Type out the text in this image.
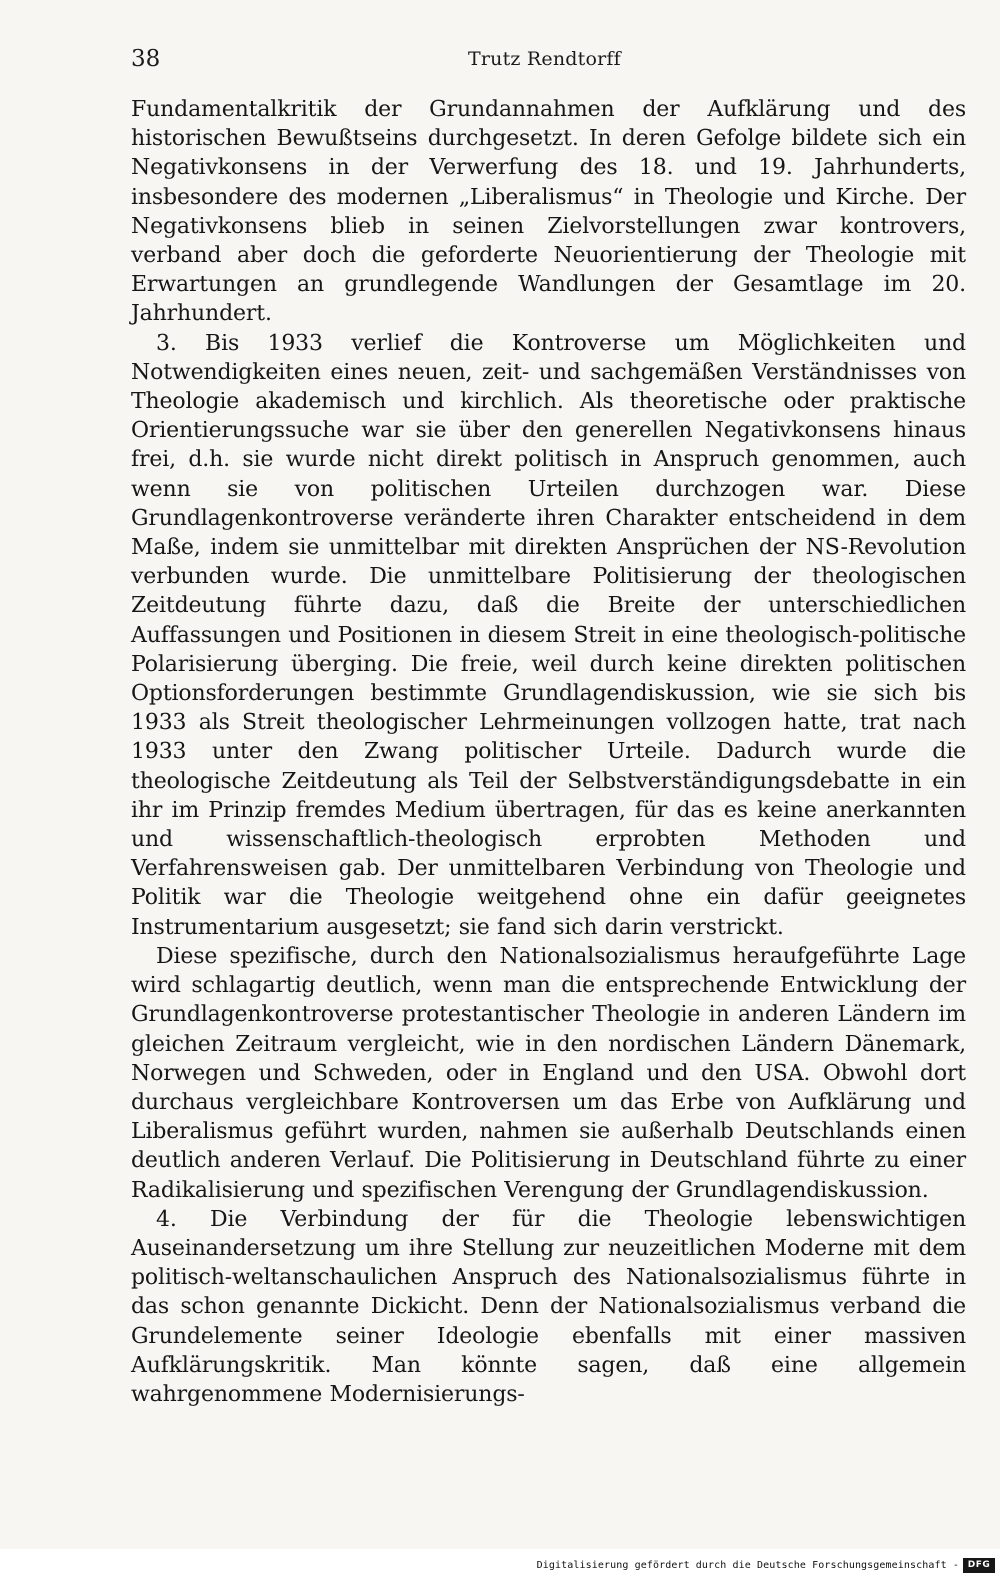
38	Trutz Rendtorff

Fundamentalkritik der Grundannahmen der Aufklärung und des historischen Bewußtseins durchgesetzt. In deren Gefolge bildete sich ein Negativkonsens in der Verwerfung des 18. und 19. Jahrhunderts, insbesondere des modernen „Liberalismus“ in Theologie und Kirche. Der Negativkonsens blieb in seinen Zielvorstellungen zwar kontrovers, verband aber doch die geforderte Neuorientierung der Theologie mit Erwartungen an grundlegende Wandlungen der Gesamtlage im 20. Jahrhundert.

3. Bis 1933 verlief die Kontroverse um Möglichkeiten und Notwendigkeiten eines neuen, zeit- und sachgemäßen Verständnisses von Theologie akademisch und kirchlich. Als theoretische oder praktische Orientierungssuche war sie über den generellen Negativkonsens hinaus frei, d.h. sie wurde nicht direkt politisch in Anspruch genommen, auch wenn sie von politischen Urteilen durchzogen war. Diese Grundlagenkontroverse veränderte ihren Charakter entscheidend in dem Maße, indem sie unmittelbar mit direkten Ansprüchen der NS-Revolution verbunden wurde. Die unmittelbare Politisierung der theologischen Zeitdeutung führte dazu, daß die Breite der unterschiedlichen Auffassungen und Positionen in diesem Streit in eine theologisch-politische Polarisierung überging. Die freie, weil durch keine direkten politischen Optionsforderungen bestimmte Grundlagendiskussion, wie sie sich bis 1933 als Streit theologischer Lehrmeinungen vollzogen hatte, trat nach 1933 unter den Zwang politischer Urteile. Dadurch wurde die theologische Zeitdeutung als Teil der Selbstverständigungsdebatte in ein ihr im Prinzip fremdes Medium übertragen, für das es keine anerkannten und wissenschaftlich-theologisch erprobten Methoden und Verfahrensweisen gab. Der unmittelbaren Verbindung von Theologie und Politik war die Theologie weitgehend ohne ein dafür geeignetes Instrumentarium ausgesetzt; sie fand sich darin verstrickt.

Diese spezifische, durch den Nationalsozialismus heraufgeführte Lage wird schlagartig deutlich, wenn man die entsprechende Entwicklung der Grundlagenkontroverse protestantischer Theologie in anderen Ländern im gleichen Zeitraum vergleicht, wie in den nordischen Ländern Dänemark, Norwegen und Schweden, oder in England und den USA. Obwohl dort durchaus vergleichbare Kontroversen um das Erbe von Aufklärung und Liberalismus geführt wurden, nahmen sie außerhalb Deutschlands einen deutlich anderen Verlauf. Die Politisierung in Deutschland führte zu einer Radikalisierung und spezifischen Verengung der Grundlagendiskussion.

4. Die Verbindung der für die Theologie lebenswichtigen Auseinandersetzung um ihre Stellung zur neuzeitlichen Moderne mit dem politisch-weltanschaulichen Anspruch des Nationalsozialismus führte in das schon genannte Dickicht. Denn der Nationalsozialismus verband die Grundelemente seiner Ideologie ebenfalls mit einer massiven Aufklärungskritik. Man könnte sagen, daß eine allgemein wahrgenommene Modernisierungs-

Digitalisierung gefördert durch die Deutsche Forschungsgemeinschaft - DFG
